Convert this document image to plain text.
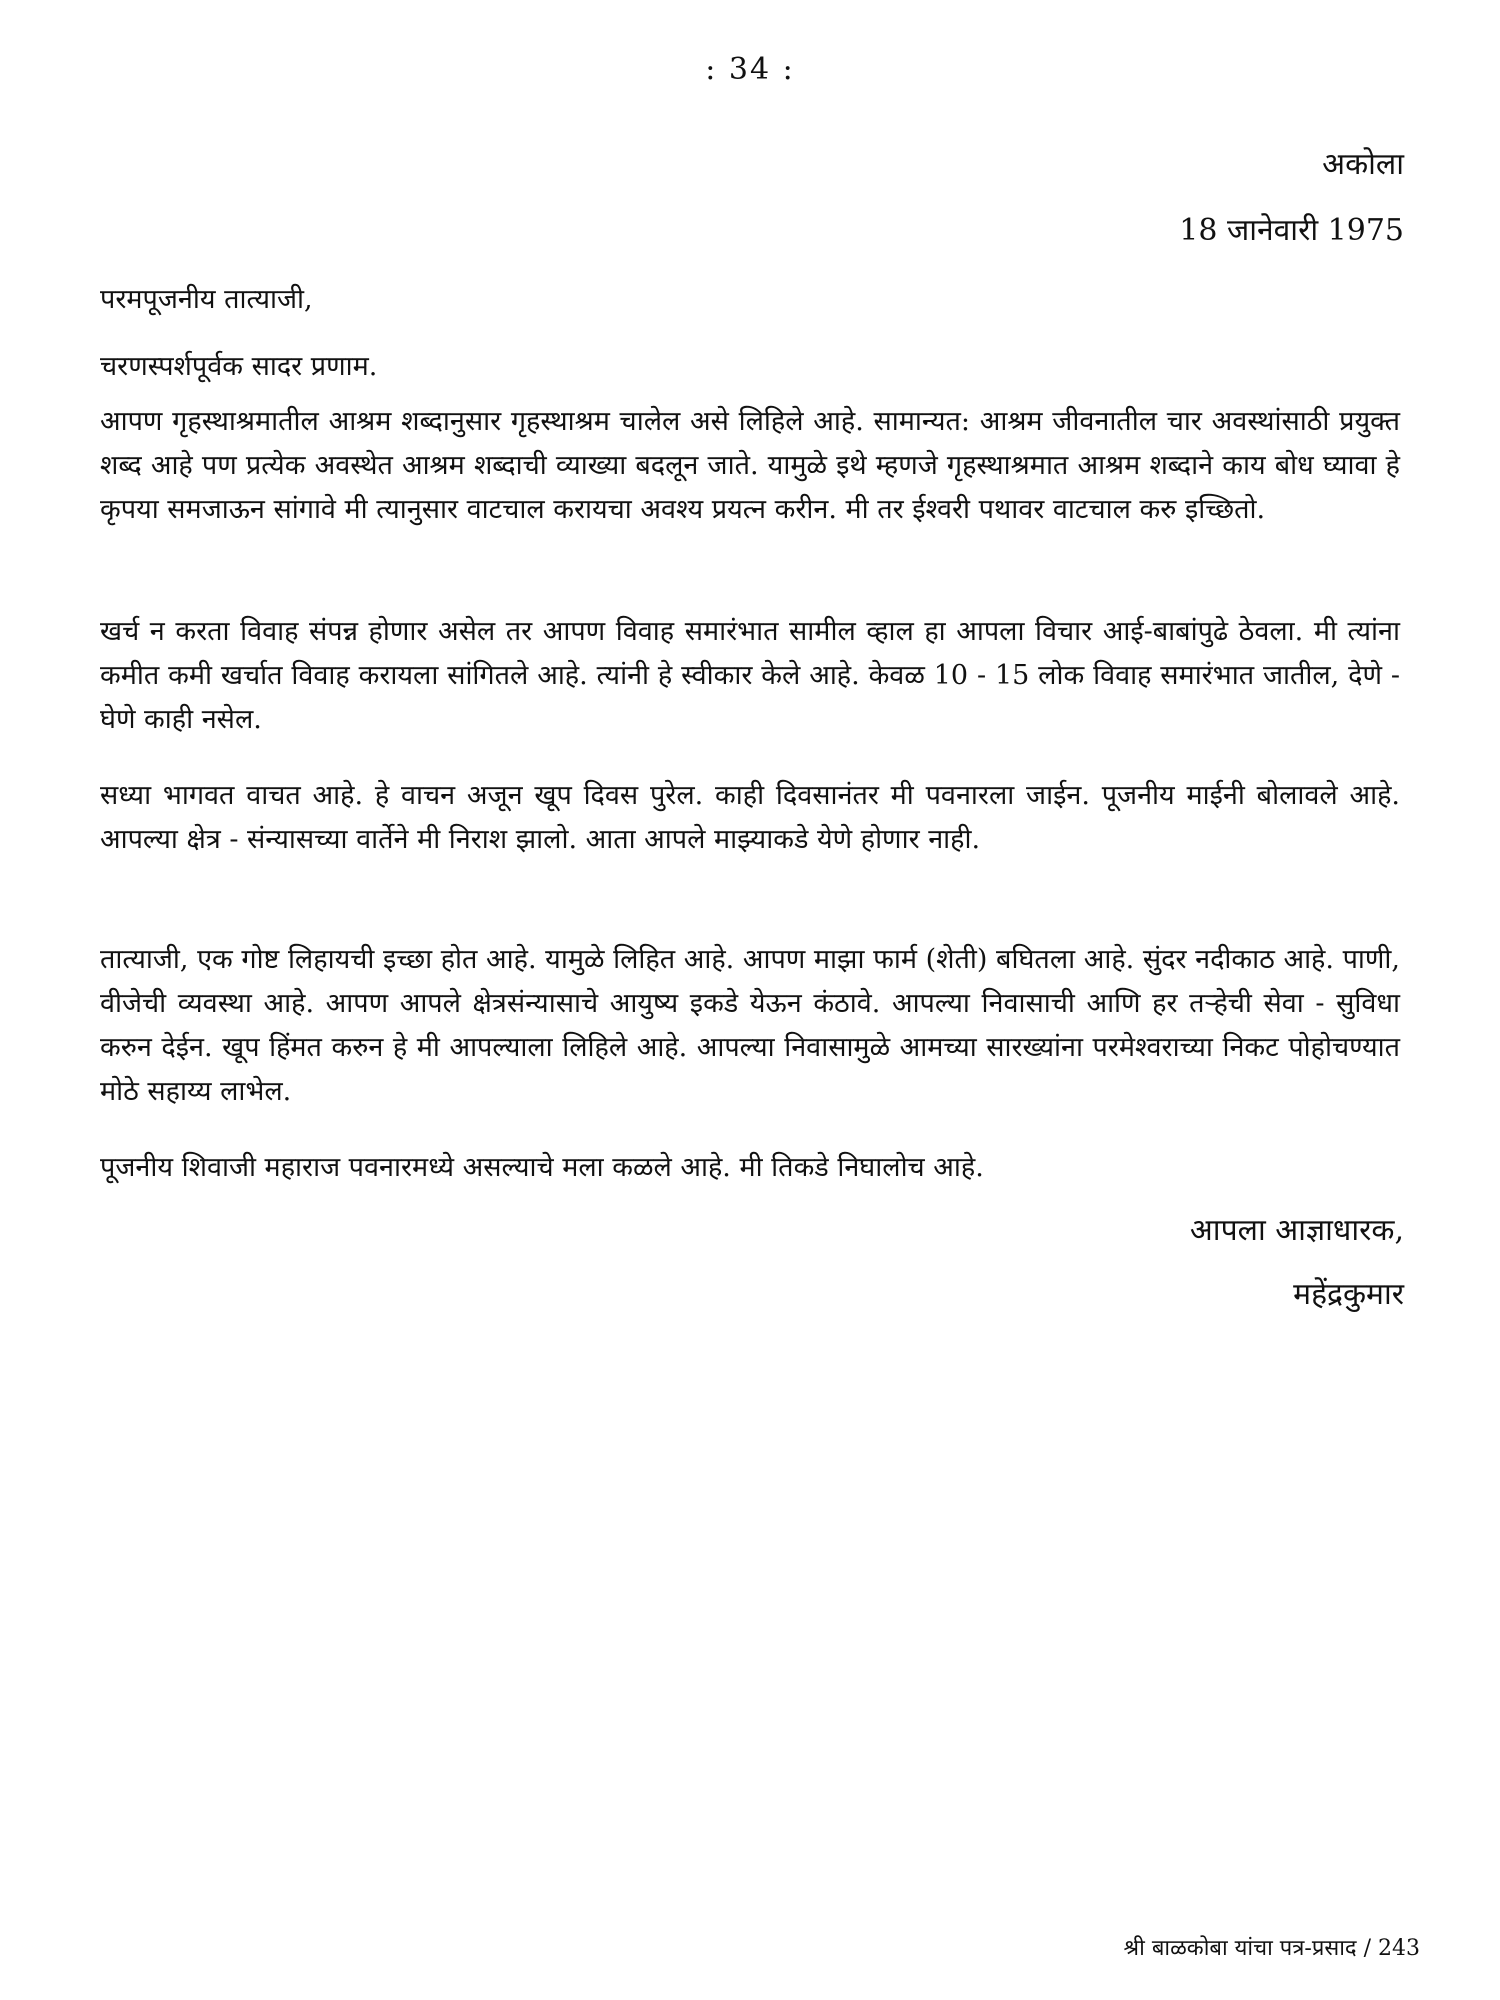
: 34 :
अकोला
18 जानेवारी 1975
परमपूजनीय तात्याजी,
चरणस्पर्शपूर्वक सादर प्रणाम.

आपण गृहस्थाश्रमातील आश्रम शब्दानुसार गृहस्थाश्रम चालेल असे लिहिले आहे. सामान्यत: आश्रम जीवनातील चार अवस्थांसाठी प्रयुक्त शब्द आहे पण प्रत्येक अवस्थेत आश्रम शब्दाची व्याख्या बदलून जाते. यामुळे इथे म्हणजे गृहस्थाश्रमात आश्रम शब्दाने काय बोध घ्यावा हे कृपया समजाऊन सांगावे मी त्यानुसार वाटचाल करायचा अवश्य प्रयत्न करीन. मी तर ईश्वरी पथावर वाटचाल करु इच्छितो.

खर्च न करता विवाह संपन्न होणार असेल तर आपण विवाह समारंभात सामील व्हाल हा आपला विचार आई-बाबांपुढे ठेवला. मी त्यांना कमीत कमी खर्चात विवाह करायला सांगितले आहे. त्यांनी हे स्वीकार केले आहे. केवळ 10 - 15 लोक विवाह समारंभात जातील, देणे - घेणे काही नसेल.

सध्या भागवत वाचत आहे. हे वाचन अजून खूप दिवस पुरेल. काही दिवसानंतर मी पवनारला जाईन. पूजनीय माईनी बोलावले आहे. आपल्या क्षेत्र - संन्यासच्या वार्तेने मी निराश झालो. आता आपले माझ्याकडे येणे होणार नाही.

तात्याजी, एक गोष्ट लिहायची इच्छा होत आहे. यामुळे लिहित आहे. आपण माझा फार्म (शेती) बघितला आहे. सुंदर नदीकाठ आहे. पाणी, वीजेची व्यवस्था आहे. आपण आपले क्षेत्रसंन्यासाचे आयुष्य इकडे येऊन कंठावे. आपल्या निवासाची आणि हर तऱ्हेची सेवा - सुविधा करुन देईन. खूप हिंमत करुन हे मी आपल्याला लिहिले आहे. आपल्या निवासामुळे आमच्या सारख्यांना परमेश्वराच्या निकट पोहोचण्यात मोठे सहाय्य लाभेल.

पूजनीय शिवाजी महाराज पवनारमध्ये असल्याचे मला कळले आहे. मी तिकडे निघालोच आहे.

आपला आज्ञाधारक,
महेंद्रकुमार
श्री बाळकोबा यांचा पत्र-प्रसाद / 243
